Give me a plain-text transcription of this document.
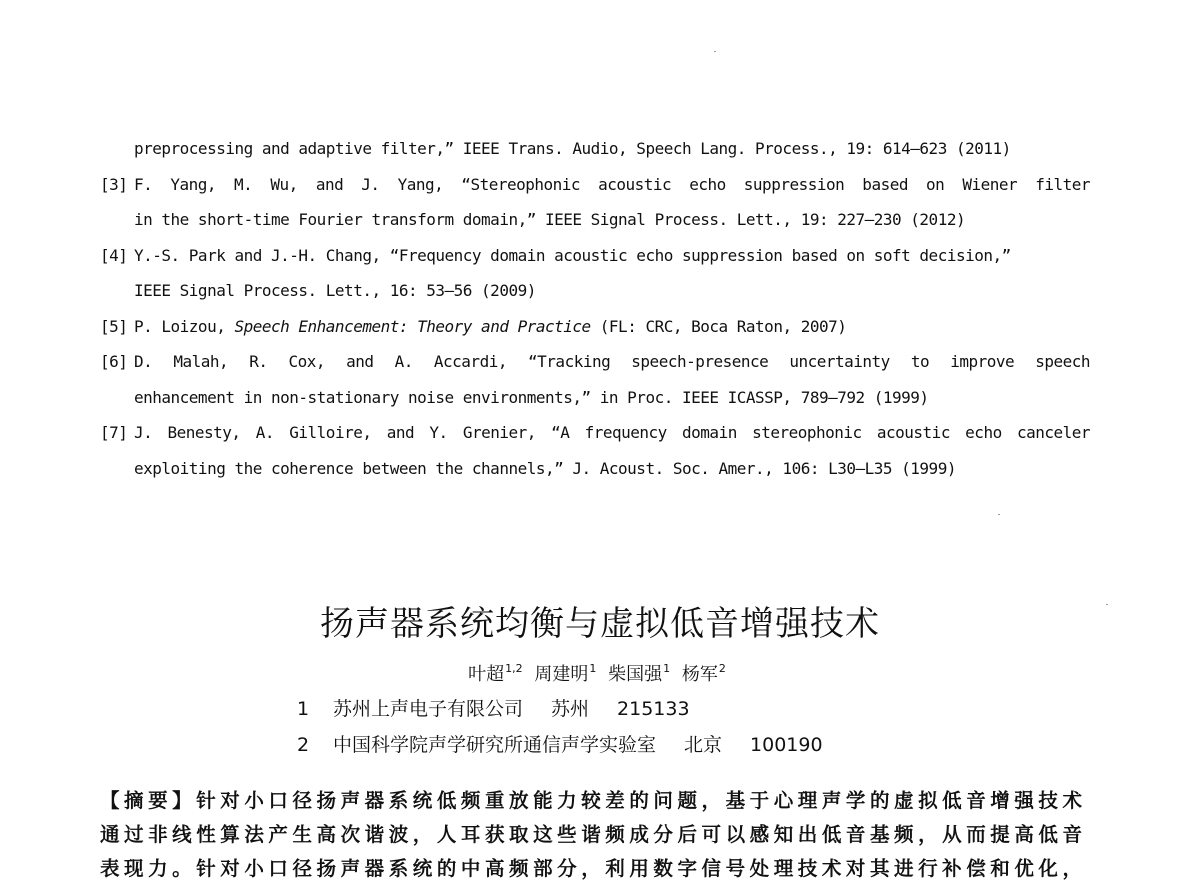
preprocessing and adaptive filter,” IEEE Trans. Audio, Speech Lang. Process., 19: 614–623 (2011)
[3] F. Yang, M. Wu, and J. Yang, “Stereophonic acoustic echo suppression based on Wiener filter
in the short-time Fourier transform domain,” IEEE Signal Process. Lett., 19: 227–230 (2012)
[4] Y.-S. Park and J.-H. Chang, “Frequency domain acoustic echo suppression based on soft decision,”
IEEE Signal Process. Lett., 16: 53–56 (2009)
[5] P. Loizou, Speech Enhancement: Theory and Practice (FL: CRC, Boca Raton, 2007)
[6] D. Malah, R. Cox, and A. Accardi, “Tracking speech-presence uncertainty to improve speech
enhancement in non-stationary noise environments,” in Proc. IEEE ICASSP, 789–792 (1999)
[7] J. Benesty, A. Gilloire, and Y. Grenier, “A frequency domain stereophonic acoustic echo canceler
exploiting the coherence between the channels,” J. Acoust. Soc. Amer., 106: L30–L35 (1999)
扬声器系统均衡与虚拟低音增强技术
叶超$^{1,2}$ 周建明$^1$ 柴国强$^1$ 杨军$^2$
1 苏州上声电子有限公司 苏州 215133
2 中国科学院声学研究所通信声学实验室 北京 100190
【摘要】针对小口径扬声器系统低频重放能力较差的问题，基于心理声学的虚拟低音增强技术
通过非线性算法产生高次谐波，人耳获取这些谐频成分后可以感知出低音基频，从而提高低音
表现力。针对小口径扬声器系统的中高频部分，利用数字信号处理技术对其进行补偿和优化，
